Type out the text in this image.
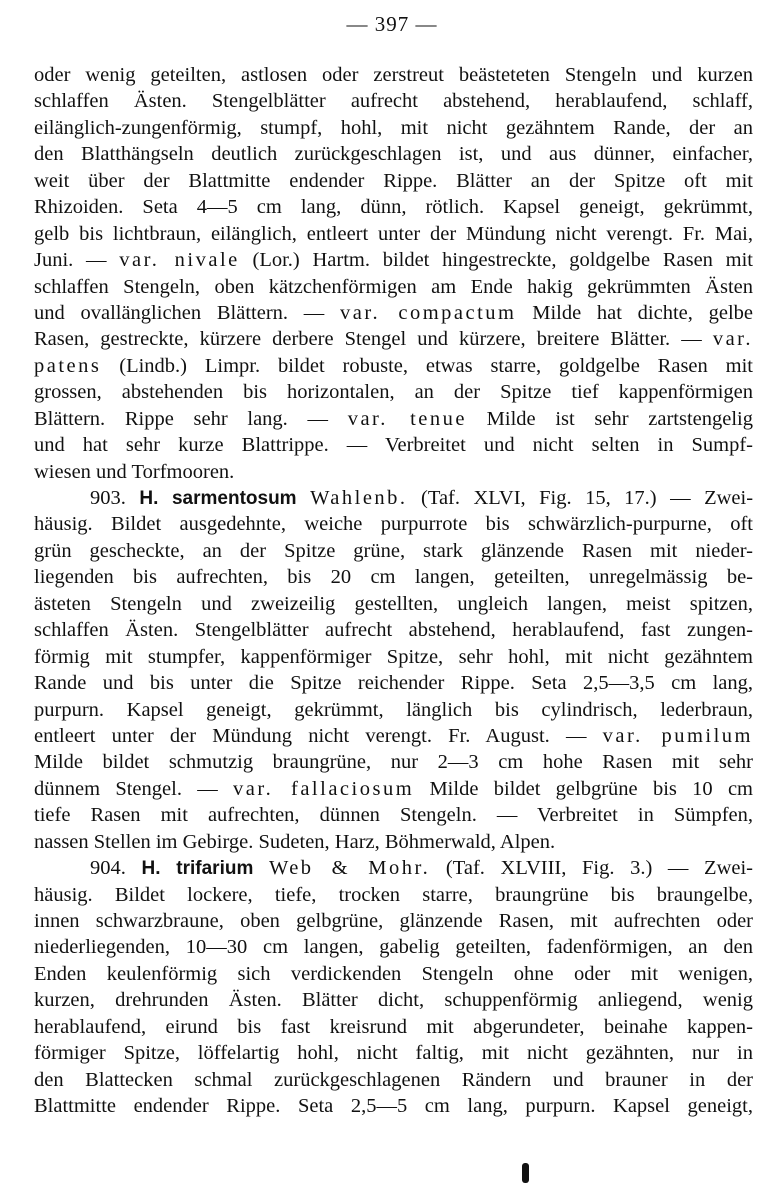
— 397 —
oder wenig geteilten, astlosen oder zerstreut beästeteten Stengeln und kurzen
schlaffen Ästen. Stengelblätter aufrecht abstehend, herablaufend, schlaff,
eilänglich-zungenförmig, stumpf, hohl, mit nicht gezähntem Rande, der an
den Blatthängseln deutlich zurückgeschlagen ist, und aus dünner, einfacher,
weit über der Blattmitte endender Rippe. Blätter an der Spitze oft mit
Rhizoiden. Seta 4—5 cm lang, dünn, rötlich. Kapsel geneigt, gekrümmt,
gelb bis lichtbraun, eilänglich, entleert unter der Mündung nicht verengt. Fr. Mai,
Juni. — var. nivale (Lor.) Hartm. bildet hingestreckte, goldgelbe Rasen mit
schlaffen Stengeln, oben kätzchenförmigen am Ende hakig gekrümmten Ästen
und ovallänglichen Blättern. — var. compactum Milde hat dichte, gelbe
Rasen, gestreckte, kürzere derbere Stengel und kürzere, breitere Blätter. — var.
patens (Lindb.) Limpr. bildet robuste, etwas starre, goldgelbe Rasen mit
grossen, abstehenden bis horizontalen, an der Spitze tief kappenförmigen
Blättern. Rippe sehr lang. — var. tenue Milde ist sehr zartstengelig
und hat sehr kurze Blattrippe. — Verbreitet und nicht selten in Sumpf-
wiesen und Torfmooren.
903. H. sarmentosum Wahlenb. (Taf. XLVI, Fig. 15, 17.) — Zwei-
häusig. Bildet ausgedehnte, weiche purpurrote bis schwärzlich-purpurne, oft
grün gescheckte, an der Spitze grüne, stark glänzende Rasen mit nieder-
liegenden bis aufrechten, bis 20 cm langen, geteilten, unregelmässig be-
ästeten Stengeln und zweizeilig gestellten, ungleich langen, meist spitzen,
schlaffen Ästen. Stengelblätter aufrecht abstehend, herablaufend, fast zungen-
förmig mit stumpfer, kappenförmiger Spitze, sehr hohl, mit nicht gezähntem
Rande und bis unter die Spitze reichender Rippe. Seta 2,5—3,5 cm lang,
purpurn. Kapsel geneigt, gekrümmt, länglich bis cylindrisch, lederbraun,
entleert unter der Mündung nicht verengt. Fr. August. — var. pumilum
Milde bildet schmutzig braungrüne, nur 2—3 cm hohe Rasen mit sehr
dünnem Stengel. — var. fallaciosum Milde bildet gelbgrüne bis 10 cm
tiefe Rasen mit aufrechten, dünnen Stengeln. — Verbreitet in Sümpfen,
nassen Stellen im Gebirge. Sudeten, Harz, Böhmerwald, Alpen.
904. H. trifarium Web & Mohr. (Taf. XLVIII, Fig. 3.) — Zwei-
häusig. Bildet lockere, tiefe, trocken starre, braungrüne bis braungelbe,
innen schwarzbraune, oben gelbgrüne, glänzende Rasen, mit aufrechten oder
niederliegenden, 10—30 cm langen, gabelig geteilten, fadenförmigen, an den
Enden keulenförmig sich verdickenden Stengeln ohne oder mit wenigen,
kurzen, drehrunden Ästen. Blätter dicht, schuppenförmig anliegend, wenig
herablaufend, eirund bis fast kreisrund mit abgerundeter, beinahe kappen-
förmiger Spitze, löffelartig hohl, nicht faltig, mit nicht gezähnten, nur in
den Blattecken schmal zurückgeschlagenen Rändern und brauner in der
Blattmitte endender Rippe. Seta 2,5—5 cm lang, purpurn. Kapsel geneigt,
